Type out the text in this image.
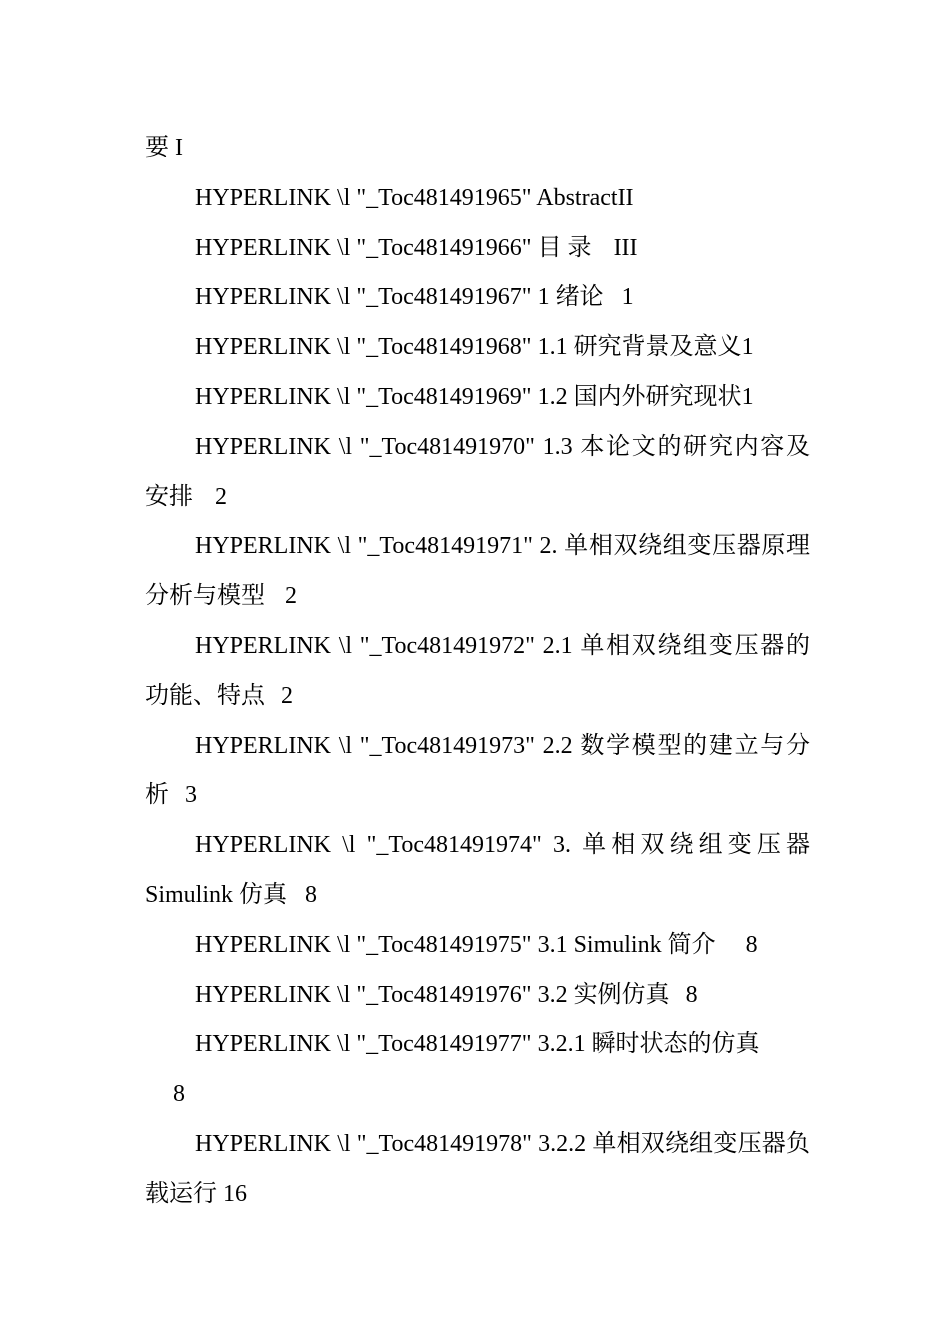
要 I

HYPERLINK \l "_Toc481491965" AbstractII

HYPERLINK \l "_Toc481491966" 目 录 III

HYPERLINK \l "_Toc481491967" 1 绪论 1

HYPERLINK \l "_Toc481491968" 1.1 研究背景及意义1

HYPERLINK \l "_Toc481491969" 1.2 国内外研究现状1

HYPERLINK \l "_Toc481491970" 1.3 本论文的研究内容及安排 2

HYPERLINK \l "_Toc481491971" 2. 单相双绕组变压器原理分析与模型 2

HYPERLINK \l "_Toc481491972" 2.1 单相双绕组变压器的功能、特点 2

HYPERLINK \l "_Toc481491973" 2.2 数学模型的建立与分析 3

HYPERLINK \l "_Toc481491974" 3. 单相双绕组变压器Simulink 仿真 8

HYPERLINK \l "_Toc481491975" 3.1 Simulink 简介 8

HYPERLINK \l "_Toc481491976" 3.2 实例仿真 8

HYPERLINK \l "_Toc481491977" 3.2.1 瞬时状态的仿真
8

HYPERLINK \l "_Toc481491978" 3.2.2 单相双绕组变压器负载运行 16
